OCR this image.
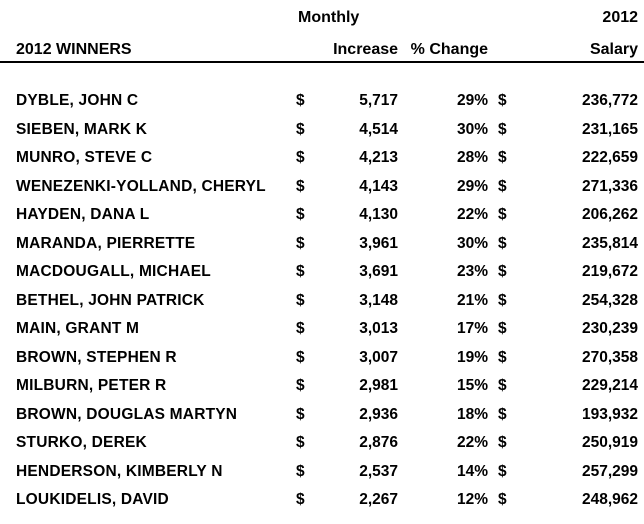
	Monthly			2012	
2012 WINNERS	Increase		% Change	Salary	

DYBLE, JOHN C	$	5,717	29%	$	236,772
SIEBEN, MARK K	$	4,514	30%	$	231,165
MUNRO, STEVE C	$	4,213	28%	$	222,659
WENEZENKI-YOLLAND, CHERYL	$	4,143	29%	$	271,336
HAYDEN, DANA L	$	4,130	22%	$	206,262
MARANDA, PIERRETTE	$	3,961	30%	$	235,814
MACDOUGALL, MICHAEL	$	3,691	23%	$	219,672
BETHEL, JOHN PATRICK	$	3,148	21%	$	254,328
MAIN, GRANT M	$	3,013	17%	$	230,239
BROWN, STEPHEN R	$	3,007	19%	$	270,358
MILBURN, PETER R	$	2,981	15%	$	229,214
BROWN, DOUGLAS MARTYN	$	2,936	18%	$	193,932
STURKO, DEREK	$	2,876	22%	$	250,919
HENDERSON, KIMBERLY N	$	2,537	14%	$	257,299
LOUKIDELIS, DAVID	$	2,267	12%	$	248,962
